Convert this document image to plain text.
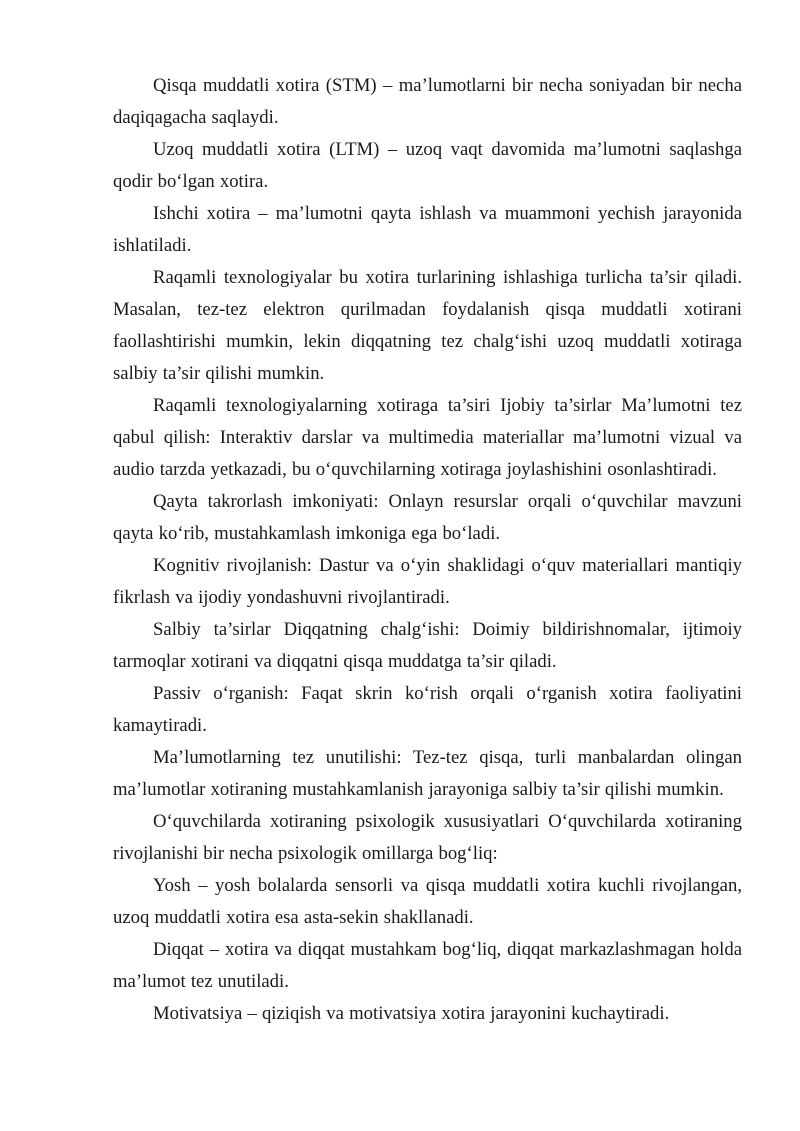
Qisqa muddatli xotira (STM) – ma’lumotlarni bir necha soniyadan bir necha daqiqagacha saqlaydi.

Uzoq muddatli xotira (LTM) – uzoq vaqt davomida ma’lumotni saqlashga qodir bo‘lgan xotira.

Ishchi xotira – ma’lumotni qayta ishlash va muammoni yechish jarayonida ishlatiladi.

Raqamli texnologiyalar bu xotira turlarining ishlashiga turlicha ta’sir qiladi. Masalan, tez-tez elektron qurilmadan foydalanish qisqa muddatli xotirani faollashtirishi mumkin, lekin diqqatning tez chalg‘ishi uzoq muddatli xotiraga salbiy ta’sir qilishi mumkin.

Raqamli texnologiyalarning xotiraga ta’siri Ijobiy ta’sirlar Ma’lumotni tez qabul qilish: Interaktiv darslar va multimedia materiallar ma’lumotni vizual va audio tarzda yetkazadi, bu o‘quvchilarning xotiraga joylashishini osonlashtiradi.

Qayta takrorlash imkoniyati: Onlayn resurslar orqali o‘quvchilar mavzuni qayta ko‘rib, mustahkamlash imkoniga ega bo‘ladi.

Kognitiv rivojlanish: Dastur va o‘yin shaklidagi o‘quv materiallari mantiqiy fikrlash va ijodiy yondashuvni rivojlantiradi.

Salbiy ta’sirlar Diqqatning chalg‘ishi: Doimiy bildirishnomalar, ijtimoiy tarmoqlar xotirani va diqqatni qisqa muddatga ta’sir qiladi.

Passiv o‘rganish: Faqat skrin ko‘rish orqali o‘rganish xotira faoliyatini kamaytiradi.

Ma’lumotlarning tez unutilishi: Tez-tez qisqa, turli manbalardan olingan ma’lumotlar xotiraning mustahkamlanish jarayoniga salbiy ta’sir qilishi mumkin.

O‘quvchilarda xotiraning psixologik xususiyatlari O‘quvchilarda xotiraning rivojlanishi bir necha psixologik omillarga bog‘liq:

Yosh – yosh bolalarda sensorli va qisqa muddatli xotira kuchli rivojlangan, uzoq muddatli xotira esa asta-sekin shakllanadi.

Diqqat – xotira va diqqat mustahkam bog‘liq, diqqat markazlashmagan holda ma’lumot tez unutiladi.

Motivatsiya – qiziqish va motivatsiya xotira jarayonini kuchaytiradi.
